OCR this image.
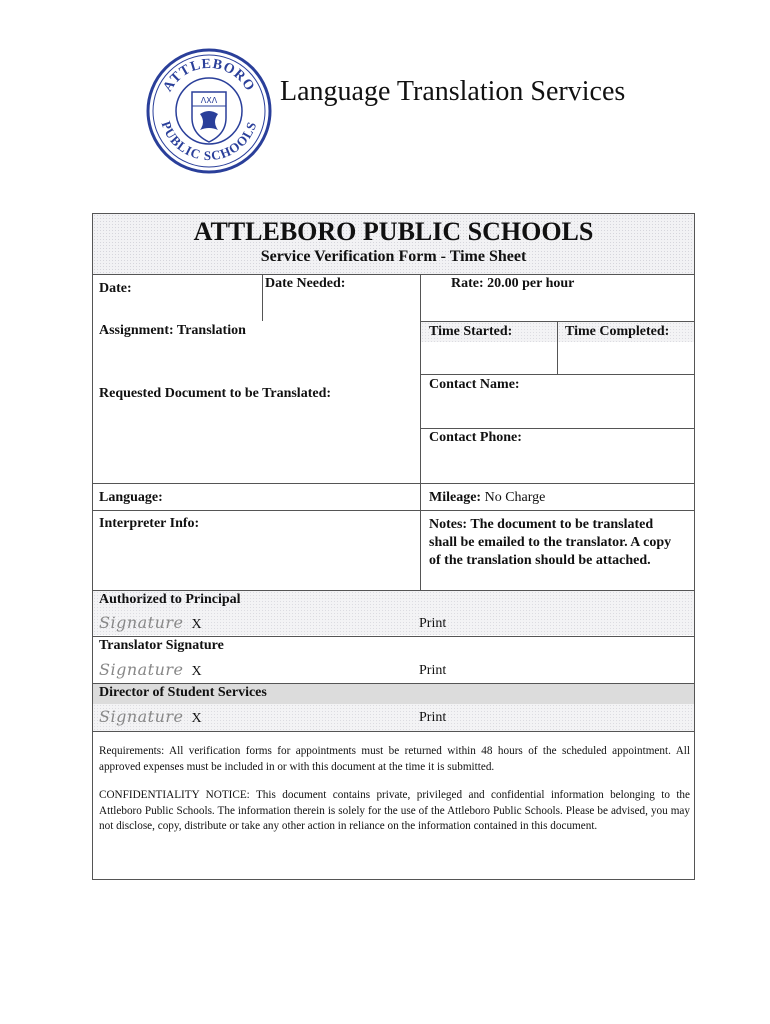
ATTLEBORO
PUBLIC SCHOOLS
ΛXΛ Language Translation Services
ATTLEBORO PUBLIC SCHOOLS
Service Verification Form - Time Sheet
Date:	Date Needed:	Rate: 20.00 per hour
Assignment: Translation	Time Started:	Time Completed:
Requested Document to be Translated:
Contact Name:
Contact Phone:
Language:	Mileage: No Charge
Interpreter Info:	Notes: The document to be translated shall be emailed to the translator. A copy of the translation should be attached.
Authorized to Principal
Signature X	Print
Translator Signature
Signature X	Print
Director of Student Services
Signature X	Print
Requirements: All verification forms for appointments must be returned within 48 hours of the scheduled appointment. All approved expenses must be included in or with this document at the time it is submitted.
CONFIDENTIALITY NOTICE: This document contains private, privileged and confidential information belonging to the Attleboro Public Schools. The information therein is solely for the use of the Attleboro Public Schools. Please be advised, you may not disclose, copy, distribute or take any other action in reliance on the information contained in this document.
